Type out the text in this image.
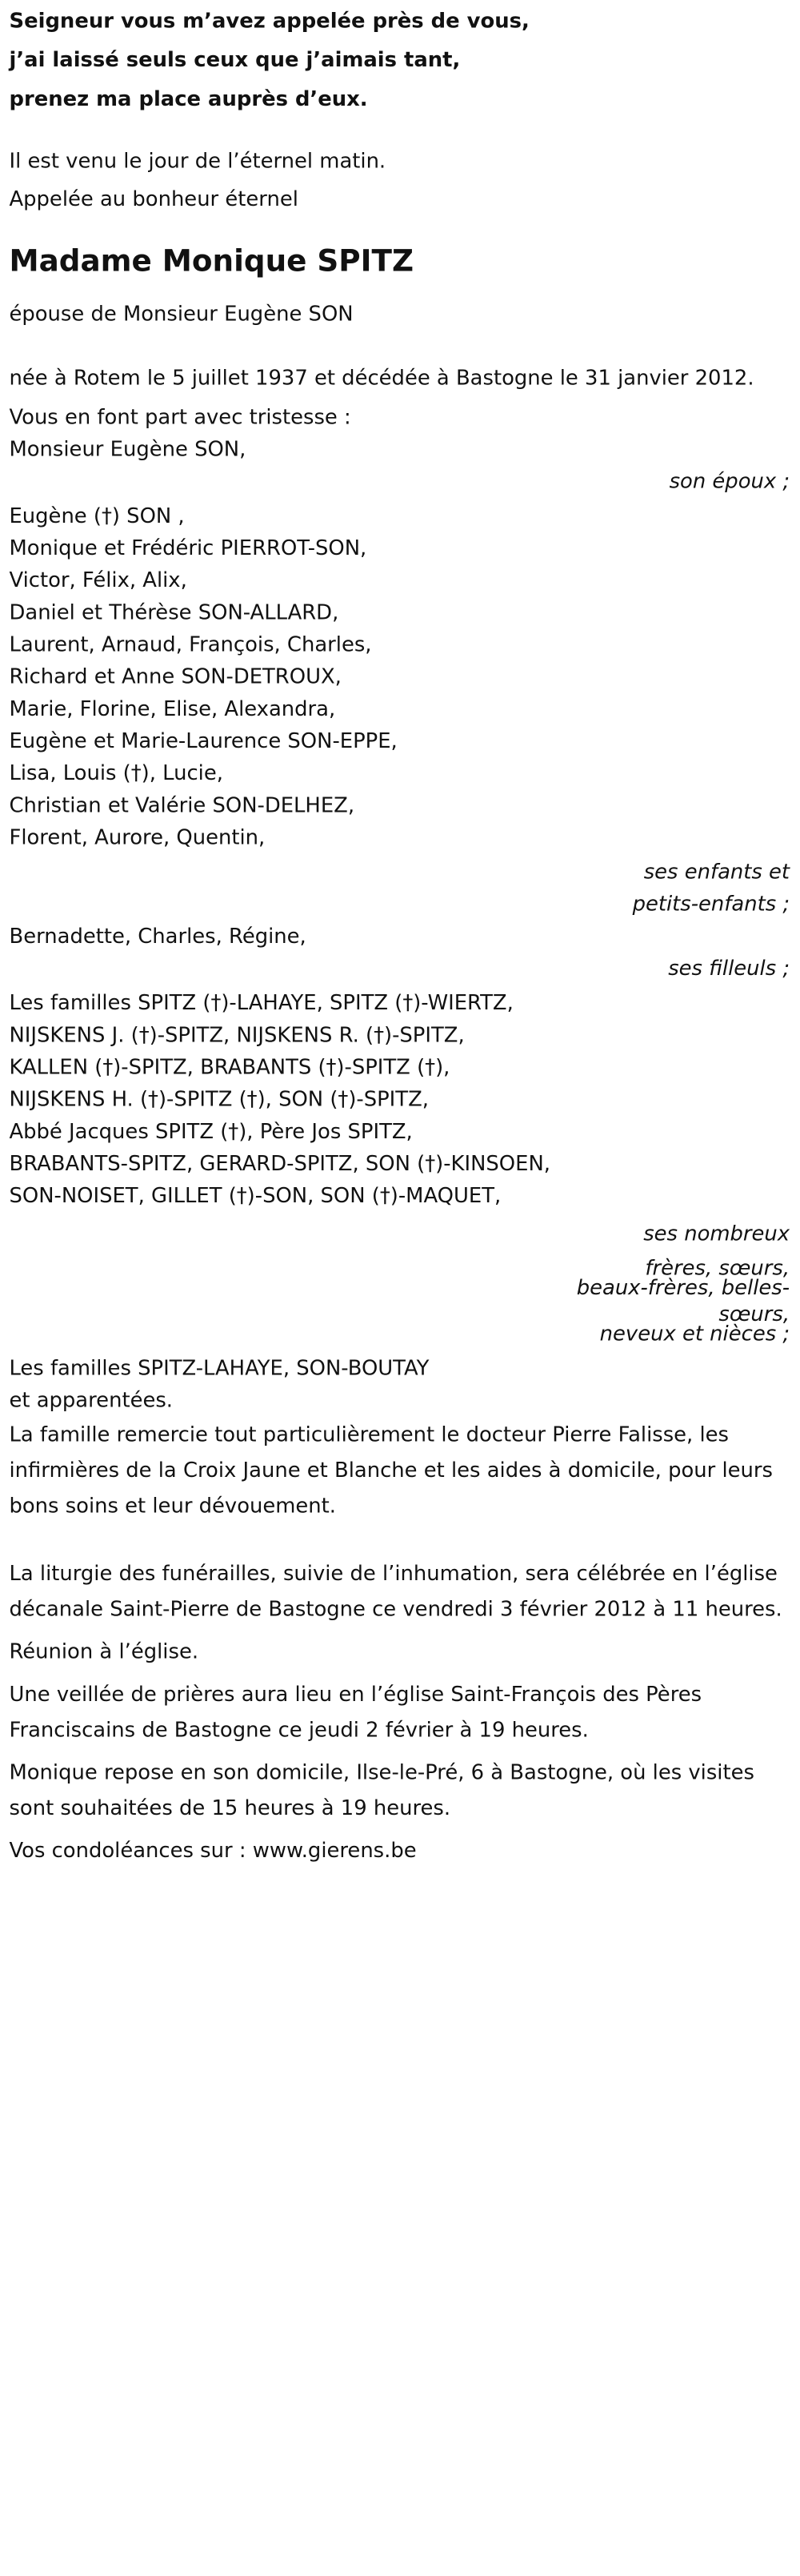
Seigneur vous m’avez appelée près de vous,
j’ai laissé seuls ceux que j’aimais tant,
prenez ma place auprès d’eux.
Il est venu le jour de l’éternel matin.
Appelée au bonheur éternel
Madame Monique SPITZ
épouse de Monsieur Eugène SON
née à Rotem le 5 juillet 1937 et décédée à Bastogne le 31 janvier 2012.
Vous en font part avec tristesse :
Monsieur Eugène SON,
son époux ;
Eugène (†) SON ,
Monique et Frédéric PIERROT-SON,
Victor, Félix, Alix,
Daniel et Thérèse SON-ALLARD,
Laurent, Arnaud, François, Charles,
Richard et Anne SON-DETROUX,
Marie, Florine, Elise, Alexandra,
Eugène et Marie-Laurence SON-EPPE,
Lisa, Louis (†), Lucie,
Christian et Valérie SON-DELHEZ,
Florent, Aurore, Quentin,
ses enfants et
petits-enfants ;
Bernadette, Charles, Régine,
ses filleuls ;
Les familles SPITZ (†)-LAHAYE, SPITZ (†)-WIERTZ,
NIJSKENS J. (†)-SPITZ, NIJSKENS R. (†)-SPITZ,
KALLEN (†)-SPITZ, BRABANTS (†)-SPITZ (†),
NIJSKENS H. (†)-SPITZ (†), SON (†)-SPITZ,
Abbé Jacques SPITZ (†), Père Jos SPITZ,
BRABANTS-SPITZ, GERARD-SPITZ, SON (†)-KINSOEN,
SON-NOISET, GILLET (†)-SON, SON (†)-MAQUET,
ses nombreux
frères, sœurs,
beaux-frères, belles-
sœurs,
neveux et nièces ;
Les familles SPITZ-LAHAYE, SON-BOUTAY
et apparentées.
La famille remercie tout particulièrement le docteur Pierre Falisse, les infirmières de la Croix Jaune et Blanche et les aides à domicile, pour leurs bons soins et leur dévouement.
La liturgie des funérailles, suivie de l’inhumation, sera célébrée en l’église décanale Saint-Pierre de Bastogne ce vendredi 3 février 2012 à 11 heures.
Réunion à l’église.
Une veillée de prières aura lieu en l’église Saint-François des Pères Franciscains de Bastogne ce jeudi 2 février à 19 heures.
Monique repose en son domicile, Ilse-le-Pré, 6 à Bastogne, où les visites sont souhaitées de 15 heures à 19 heures.
Vos condoléances sur : www.gierens.be
